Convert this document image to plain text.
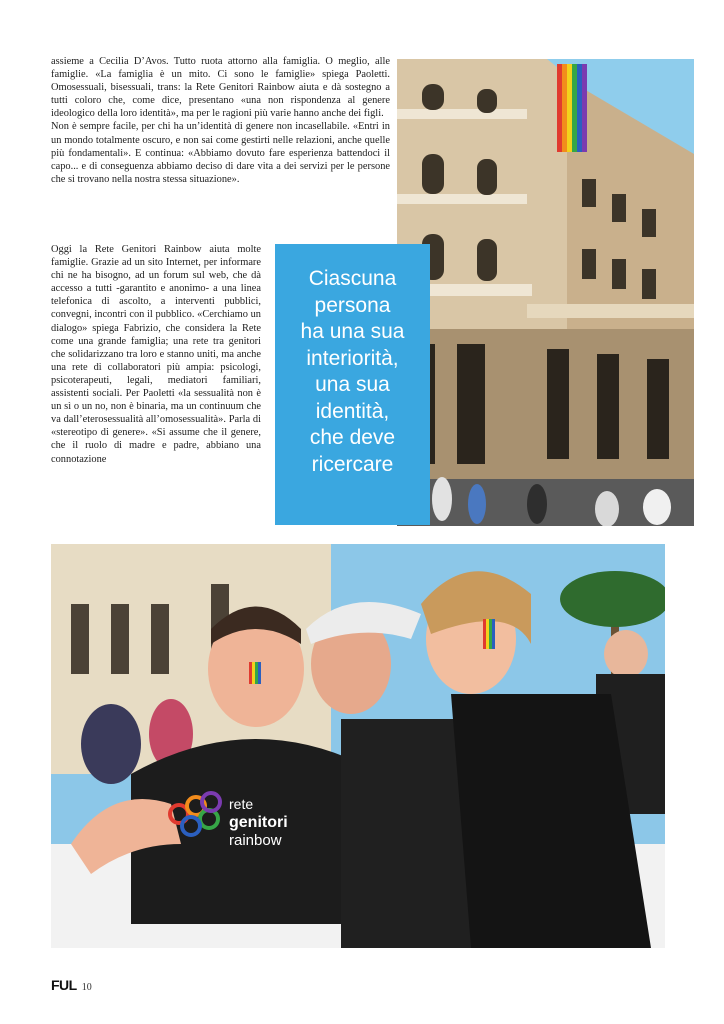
assieme a Cecilia D’Avos. Tutto ruota attorno alla famiglia. O meglio, alle famiglie. «La famiglia è un mito. Ci sono le famiglie» spiega Paoletti. Omosessuali, bisessuali, trans: la Rete Genitori Rainbow aiuta e dà sostegno a tutti coloro che, come dice, presentano «una non rispondenza al genere ideologico della loro identità», ma per le ragioni più varie hanno anche dei figli.

Non è sempre facile, per chi ha un’identità di genere non incasellabile. «Entri in un mondo totalmente oscuro, e non sai come gestirti nelle relazioni, anche quelle più fondamentali». E continua: «Abbiamo dovuto fare esperienza battendoci il capo... e di conseguenza abbiamo deciso di dare vita a dei servizi per le persone che si trovano nella nostra stessa situazione».

Oggi la Rete Genitori Rainbow aiuta molte famiglie. Grazie ad un sito Internet, per informare chi ne ha bisogno, ad un forum sul web, che dà accesso a tutti -garantito e anonimo- a una linea telefonica di ascolto, a interventi pubblici, convegni, incontri con il pubblico. «Cerchiamo un dialogo» spiega Fabrizio, che considera la Rete come una grande famiglia; una rete tra genitori che solidarizzano tra loro e stanno uniti, ma anche una rete di collaboratori più ampia: psicologi, psicoterapeuti, legali, mediatori familiari, assistenti sociali. Per Paoletti «la sessualità non è un sì o un no, non è binaria, ma un continuum che va dall’eterosessualità all’omosessualità». Parla di «stereotipo di genere». «Si assume che il genere, che il ruolo di madre e padre, abbiano una connotazione

Ciascuna
persona
ha una sua
interiorità,
una sua
identità,
che deve
ricercare
rete
genitori
rainbow
FUL 10
